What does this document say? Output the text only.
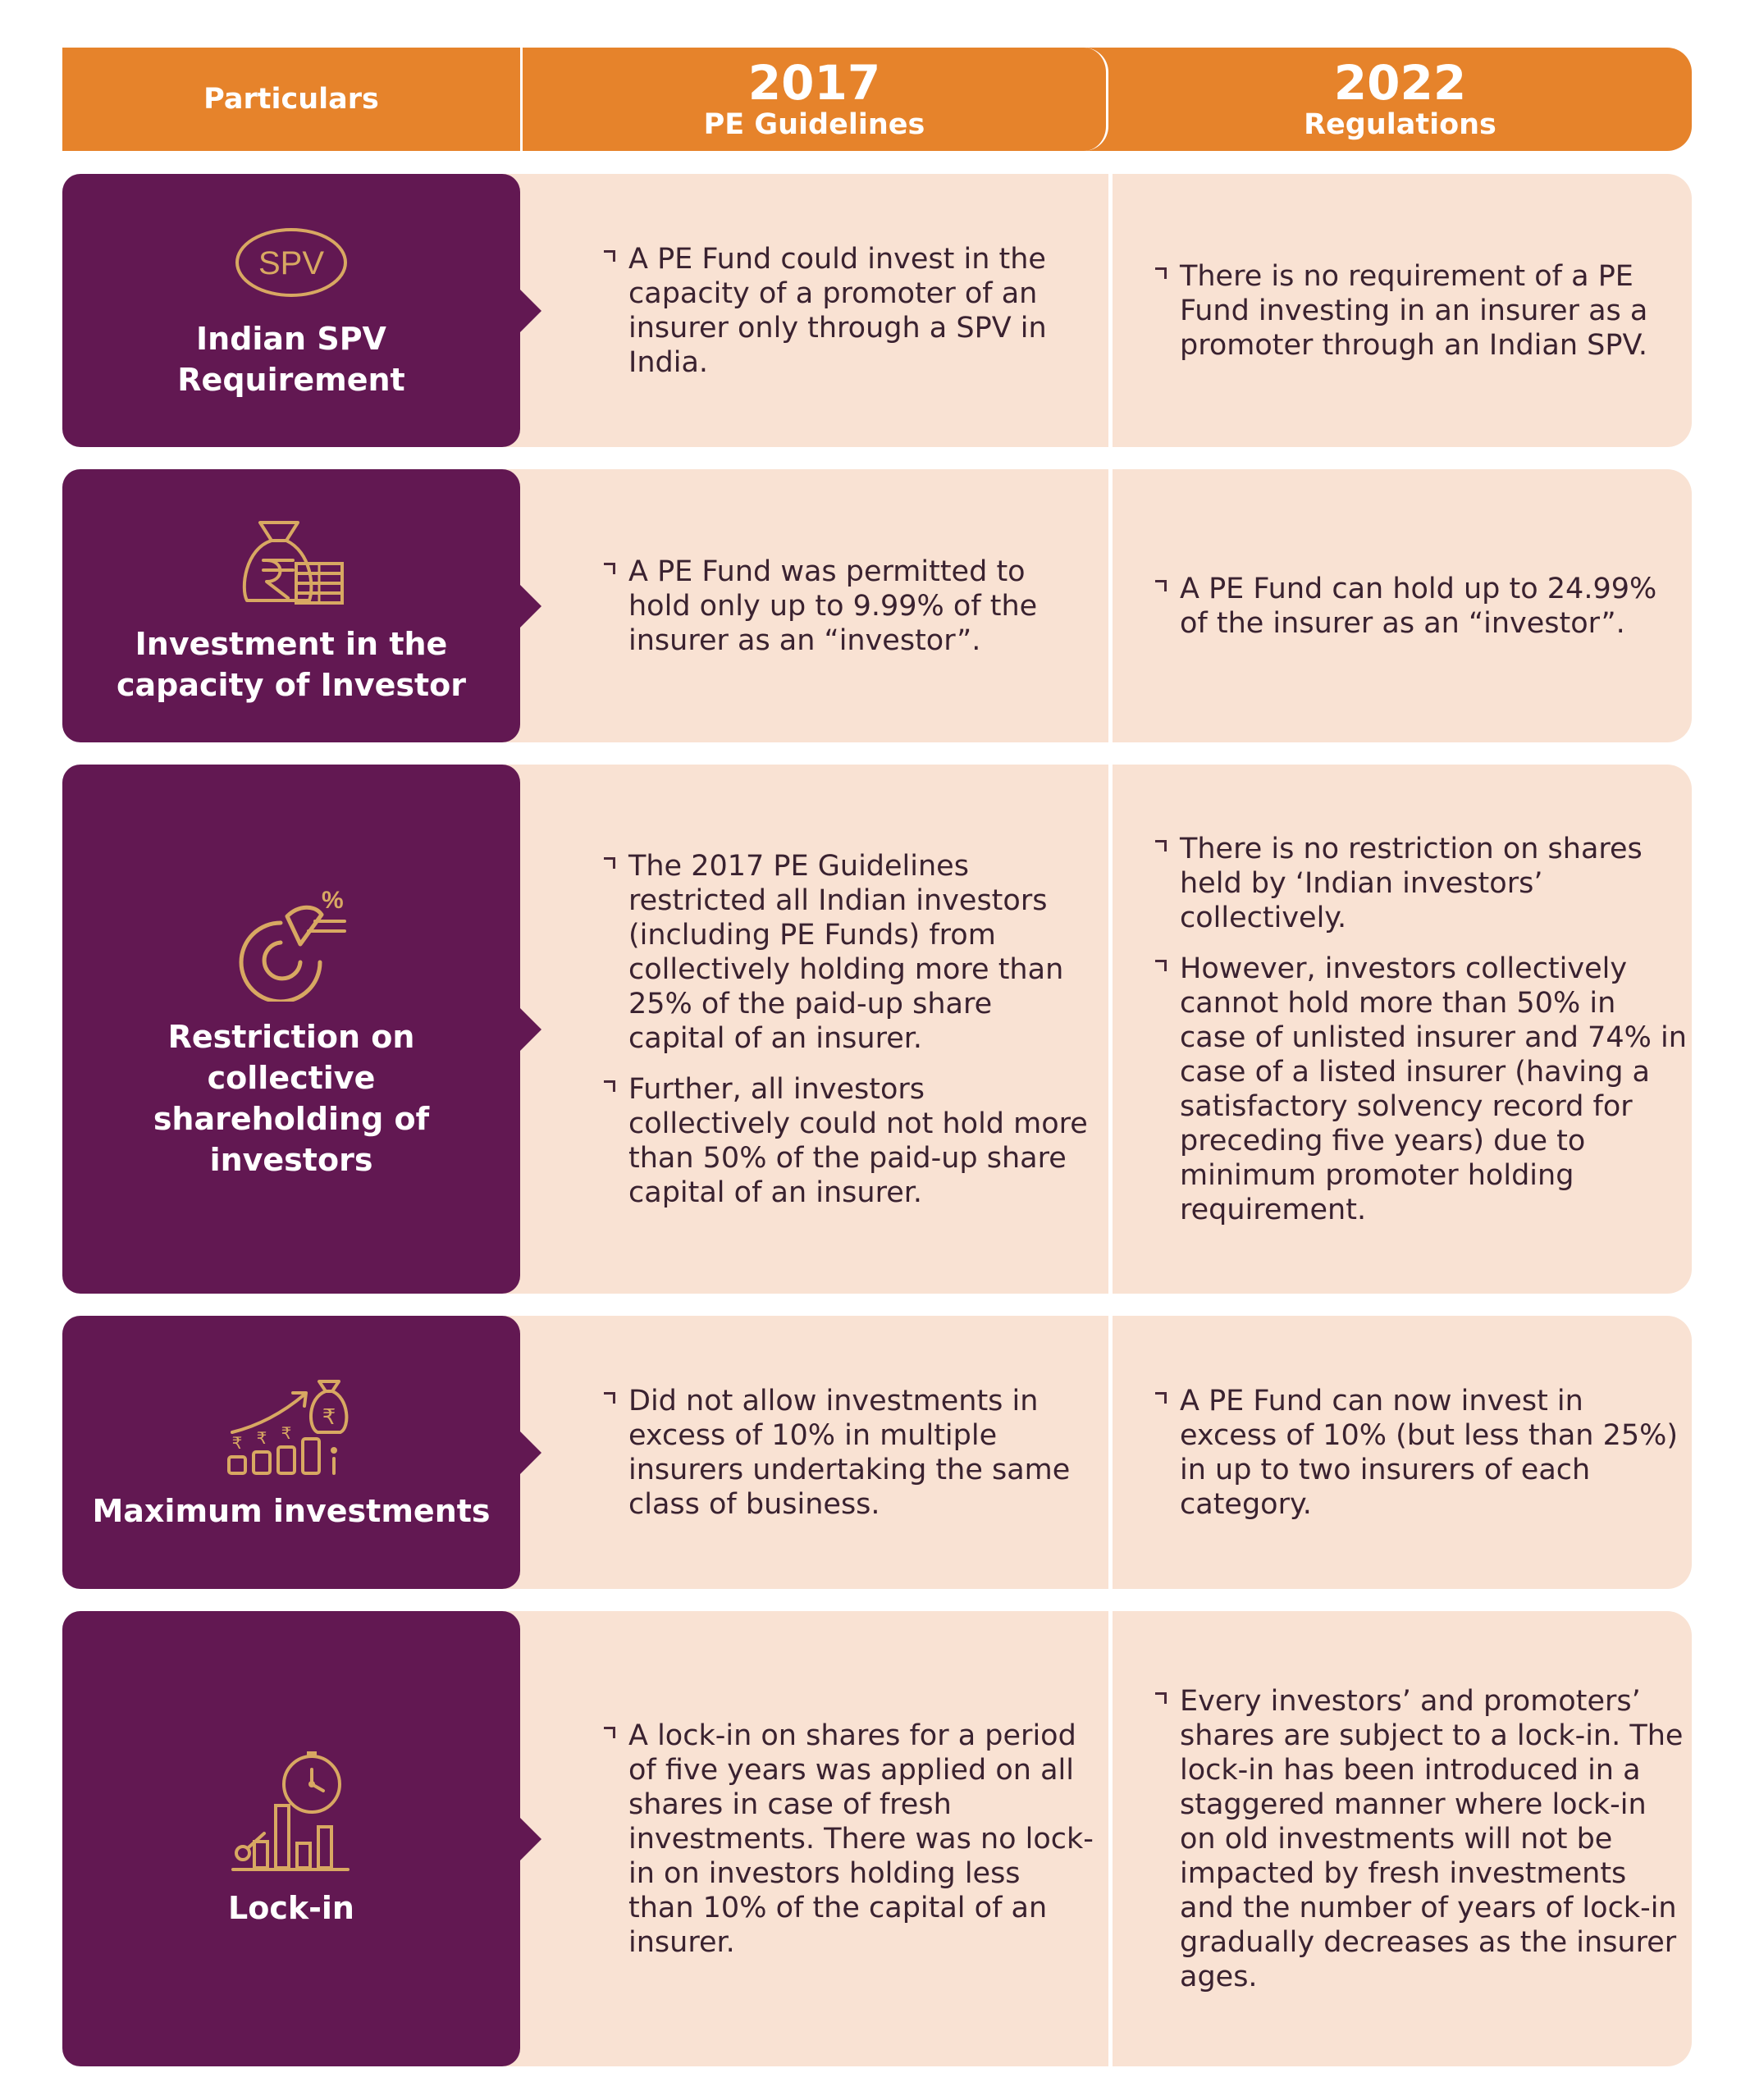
Particulars	2017
PE Guidelines
2022
Regulations
SPV
Indian SPV Requirement
A PE Fund could invest in the capacity of a promoter of an insurer only through a SPV in India.
There is no requirement of a PE Fund investing in an insurer as a promoter through an Indian SPV.
Investment in the capacity of Investor
A PE Fund was permitted to hold only up to 9.99% of the insurer as an “investor”.
A PE Fund can hold up to 24.99% of the insurer as an “investor”.
%
Restriction on collective shareholding of investors
The 2017 PE Guidelines restricted all Indian investors (including PE Funds) from collectively holding more than 25% of the paid-up share capital of an insurer.
Further, all investors collectively could not hold more than 50% of the paid-up share capital of an insurer.
There is no restriction on shares held by ‘Indian investors’ collectively.
However, investors collectively cannot hold more than 50% in case of unlisted insurer and 74% in case of a listed insurer (having a satisfactory solvency record for preceding five years) due to minimum promoter holding requirement.
₹
₹ ₹ ₹
Maximum investments
Did not allow investments in excess of 10% in multiple insurers undertaking the same class of business.
A PE Fund can now invest in excess of 10% (but less than 25%) in up to two insurers of each category.
Lock-in
A lock-in on shares for a period of five years was applied on all shares in case of fresh investments. There was no lock-in on investors holding less than 10% of the capital of an insurer.
Every investors’ and promoters’ shares are subject to a lock-in. The lock-in has been introduced in a staggered manner where lock-in on old investments will not be impacted by fresh investments and the number of years of lock-in gradually decreases as the insurer ages.
